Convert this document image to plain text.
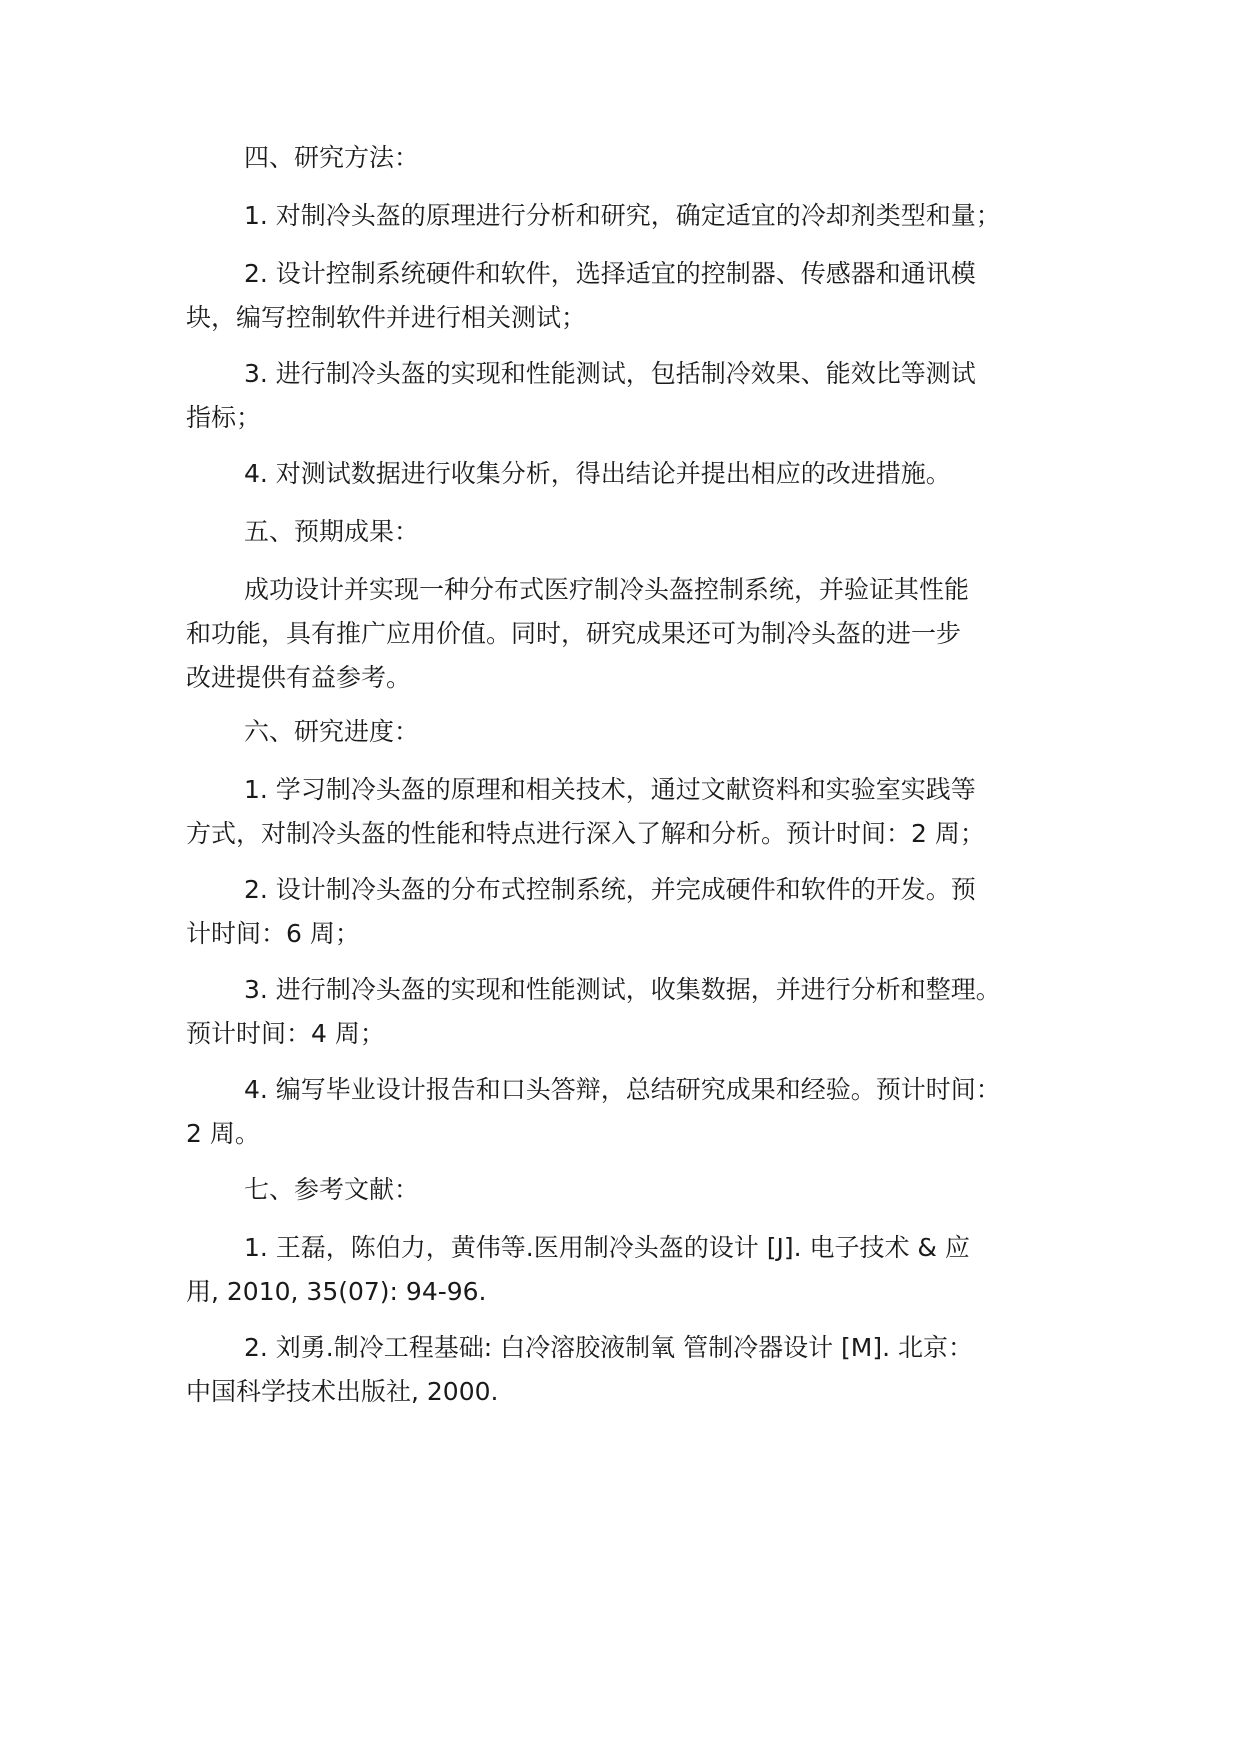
四、研究方法：
1. 对制冷头盔的原理进行分析和研究，确定适宜的冷却剂类型和量；
2. 设计控制系统硬件和软件，选择适宜的控制器、传感器和通讯模
块，编写控制软件并进行相关测试；
3. 进行制冷头盔的实现和性能测试，包括制冷效果、能效比等测试
指标；
4. 对测试数据进行收集分析，得出结论并提出相应的改进措施。
五、预期成果：
成功设计并实现一种分布式医疗制冷头盔控制系统，并验证其性能
和功能，具有推广应用价值。同时，研究成果还可为制冷头盔的进一步
改进提供有益参考。
六、研究进度：
1. 学习制冷头盔的原理和相关技术，通过文献资料和实验室实践等
方式，对制冷头盔的性能和特点进行深入了解和分析。预计时间：2 周；
2. 设计制冷头盔的分布式控制系统，并完成硬件和软件的开发。预
计时间：6 周；
3. 进行制冷头盔的实现和性能测试，收集数据，并进行分析和整理。
预计时间：4 周；
4. 编写毕业设计报告和口头答辩，总结研究成果和经验。预计时间：
2 周。
七、参考文献：
1. 王磊，陈伯力，黄伟等.医用制冷头盔的设计 [J]. 电子技术 & 应
用, 2010, 35(07): 94-96.
2. 刘勇.制冷工程基础: 白冷溶胶液制氧 管制冷器设计 [M]. 北京：
中国科学技术出版社, 2000.
